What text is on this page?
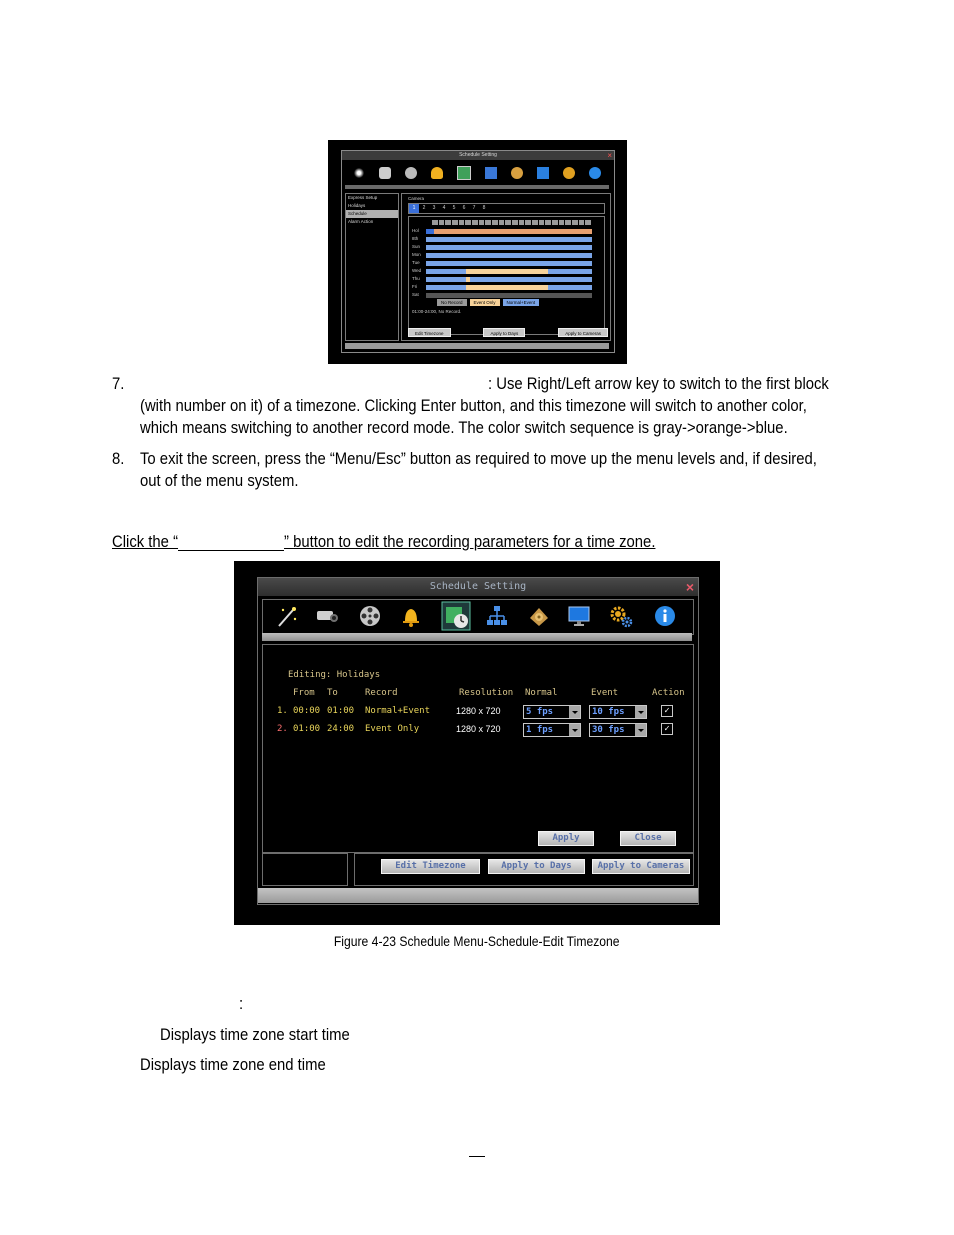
Schedule Setting	×
Express Setup
Holidays
Schedule
Alarm Action
Camera
1	2	3	4	5	6	7	8
Hol
8th
Sun
Mon
Tue
Wed
Thu
Fri
Sat
No Record	Event Only	Normal+Event
01:00-24:00, No Record.
Edit Timezone	Apply to Days	Apply to Cameras
7.	: Use Right/Left arrow key to switch to the first block
(with number on it) of a timezone. Clicking Enter button, and this timezone will switch to another color,
which means switching to another record mode. The color switch sequence is gray->orange->blue.
8. To exit the screen, press the “Menu/Esc” button as required to move up the menu levels and, if desired,
out of the menu system.
Click the “	” button to edit the recording parameters for a time zone.
Schedule Setting	×
Editing: Holidays
From To	Record	Resolution Normal	Event	Action
1. 00:00 01:00 Normal+Event	1280 x 720	5 fps	10 fps	✓
2. 01:00 24:00 Event Only	1280 x 720	1 fps	30 fps	✓
Apply	Close
Edit Timezone	Apply to Days	Apply to Cameras
Figure 4-23 Schedule Menu-Schedule-Edit Timezone
:
Displays time zone start time
Displays time zone end time
